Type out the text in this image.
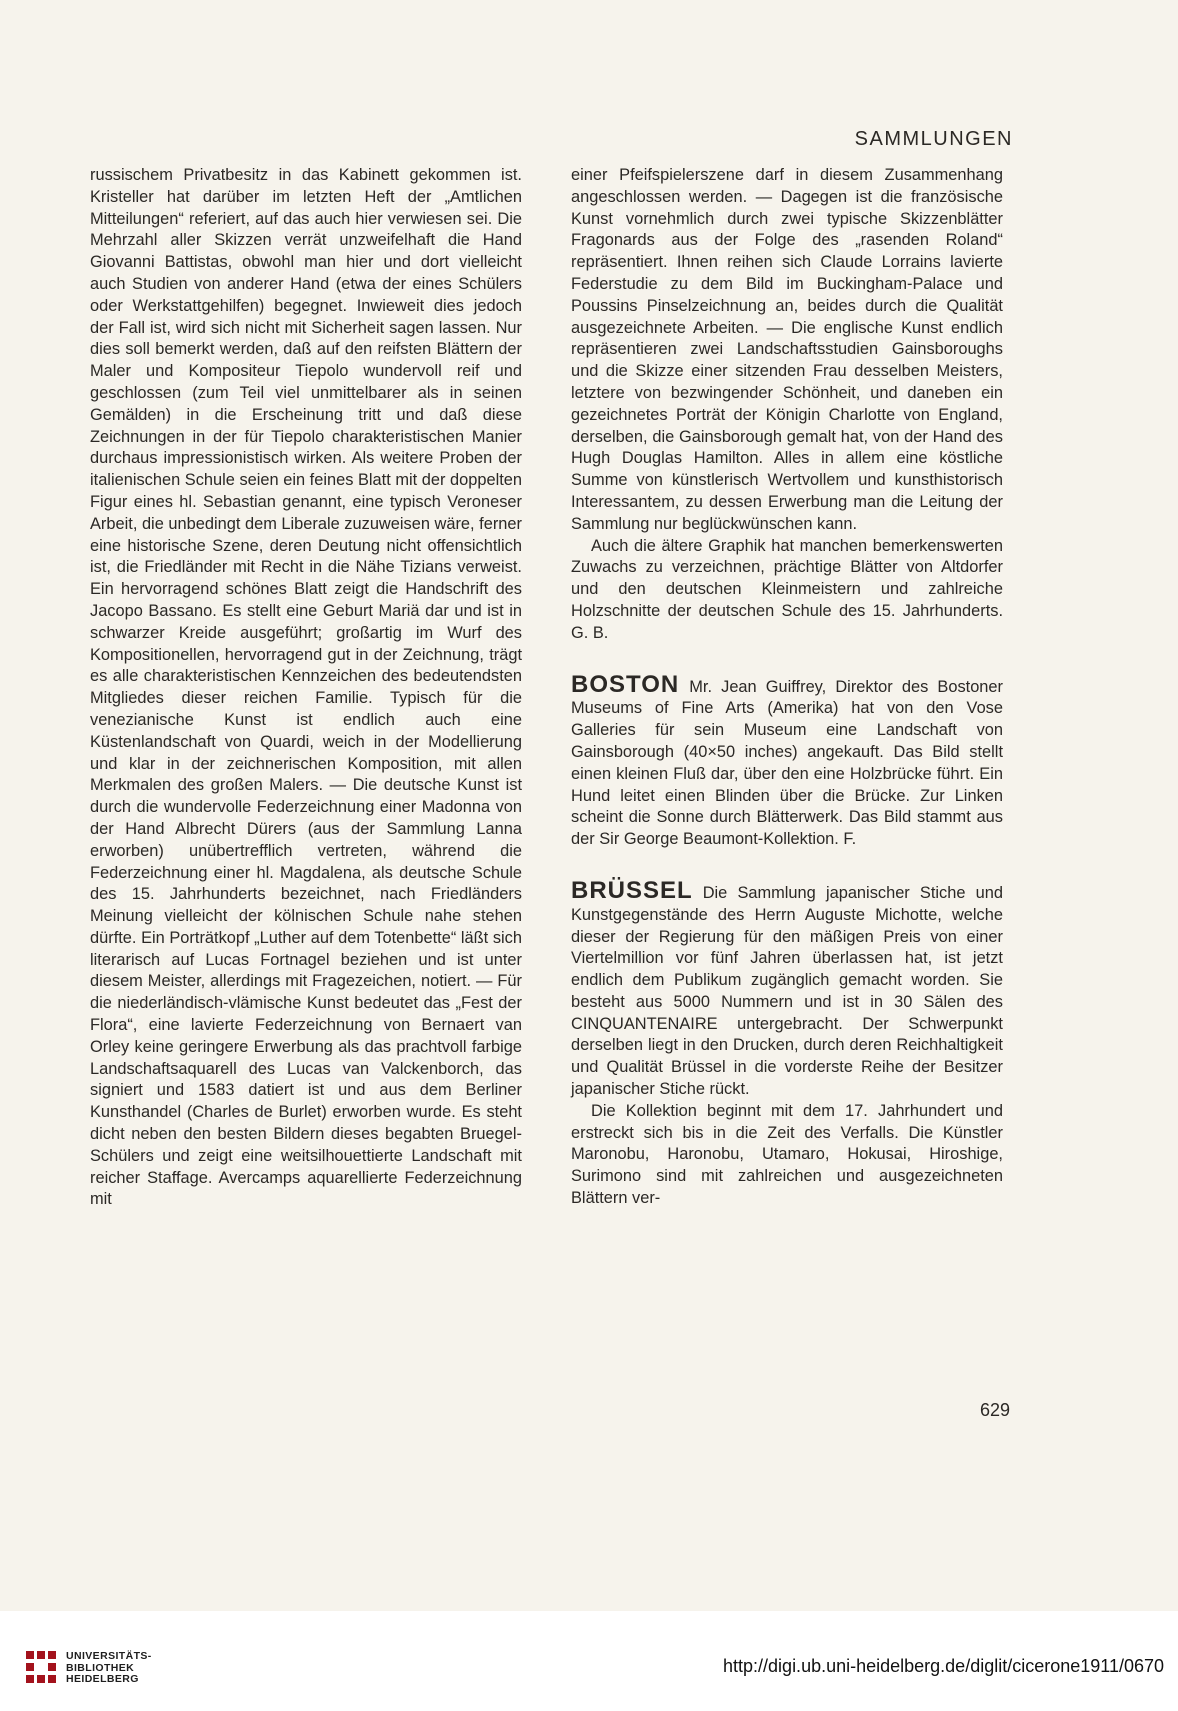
SAMMLUNGEN

russischem Privatbesitz in das Kabinett gekommen ist. Kristeller hat darüber im letzten Heft der „Amtlichen Mitteilungen“ referiert, auf das auch hier verwiesen sei. Die Mehrzahl aller Skizzen verrät unzweifelhaft die Hand Giovanni Battistas, obwohl man hier und dort vielleicht auch Studien von anderer Hand (etwa der eines Schülers oder Werkstattgehilfen) begegnet. Inwieweit dies jedoch der Fall ist, wird sich nicht mit Sicherheit sagen lassen. Nur dies soll bemerkt werden, daß auf den reifsten Blättern der Maler und Kompositeur Tiepolo wundervoll reif und geschlossen (zum Teil viel unmittelbarer als in seinen Gemälden) in die Erscheinung tritt und daß diese Zeichnungen in der für Tiepolo charakteristischen Manier durchaus impressionistisch wirken. Als weitere Proben der italienischen Schule seien ein feines Blatt mit der doppelten Figur eines hl. Sebastian genannt, eine typisch Veroneser Arbeit, die unbedingt dem Liberale zuzuweisen wäre, ferner eine historische Szene, deren Deutung nicht offensichtlich ist, die Friedländer mit Recht in die Nähe Tizians verweist. Ein hervorragend schönes Blatt zeigt die Handschrift des Jacopo Bassano. Es stellt eine Geburt Mariä dar und ist in schwarzer Kreide ausgeführt; großartig im Wurf des Kompositionellen, hervorragend gut in der Zeichnung, trägt es alle charakteristischen Kennzeichen des bedeutendsten Mitgliedes dieser reichen Familie. Typisch für die venezianische Kunst ist endlich auch eine Küstenlandschaft von Quardi, weich in der Modellierung und klar in der zeichnerischen Komposition, mit allen Merkmalen des großen Malers. — Die deutsche Kunst ist durch die wundervolle Federzeichnung einer Madonna von der Hand Albrecht Dürers (aus der Sammlung Lanna erworben) unübertrefflich vertreten, während die Federzeichnung einer hl. Magdalena, als deutsche Schule des 15. Jahrhunderts bezeichnet, nach Friedländers Meinung vielleicht der kölnischen Schule nahe stehen dürfte. Ein Porträtkopf „Luther auf dem Totenbette“ läßt sich literarisch auf Lucas Fortnagel beziehen und ist unter diesem Meister, allerdings mit Fragezeichen, notiert. — Für die niederländisch-vlämische Kunst bedeutet das „Fest der Flora“, eine lavierte Federzeichnung von Bernaert van Orley keine geringere Erwerbung als das prachtvoll farbige Landschaftsaquarell des Lucas van Valckenborch, das signiert und 1583 datiert ist und aus dem Berliner Kunsthandel (Charles de Burlet) erworben wurde. Es steht dicht neben den besten Bildern dieses begabten Bruegel-Schülers und zeigt eine weitsilhouettierte Landschaft mit reicher Staffage. Avercamps aquarellierte Federzeichnung mit

einer Pfeifspielerszene darf in diesem Zusammenhang angeschlossen werden. — Dagegen ist die französische Kunst vornehmlich durch zwei typische Skizzenblätter Fragonards aus der Folge des „rasenden Roland“ repräsentiert. Ihnen reihen sich Claude Lorrains lavierte Federstudie zu dem Bild im Buckingham-Palace und Poussins Pinselzeichnung an, beides durch die Qualität ausgezeichnete Arbeiten. — Die englische Kunst endlich repräsentieren zwei Landschaftsstudien Gainsboroughs und die Skizze einer sitzenden Frau desselben Meisters, letztere von bezwingender Schönheit, und daneben ein gezeichnetes Porträt der Königin Charlotte von England, derselben, die Gainsborough gemalt hat, von der Hand des Hugh Douglas Hamilton. Alles in allem eine köstliche Summe von künstlerisch Wertvollem und kunsthistorisch Interessantem, zu dessen Erwerbung man die Leitung der Sammlung nur beglückwünschen kann.

Auch die ältere Graphik hat manchen bemerkenswerten Zuwachs zu verzeichnen, prächtige Blätter von Altdorfer und den deutschen Kleinmeistern und zahlreiche Holzschnitte der deutschen Schule des 15. Jahrhunderts. G. B.

BOSTON Mr. Jean Guiffrey, Direktor des Bostoner Museums of Fine Arts (Amerika) hat von den Vose Galleries für sein Museum eine Landschaft von Gainsborough (40×50 inches) angekauft. Das Bild stellt einen kleinen Fluß dar, über den eine Holzbrücke führt. Ein Hund leitet einen Blinden über die Brücke. Zur Linken scheint die Sonne durch Blätterwerk. Das Bild stammt aus der Sir George Beaumont-Kollektion. F.

BRÜSSEL Die Sammlung japanischer Stiche und Kunstgegenstände des Herrn Auguste Michotte, welche dieser der Regierung für den mäßigen Preis von einer Viertelmillion vor fünf Jahren überlassen hat, ist jetzt endlich dem Publikum zugänglich gemacht worden. Sie besteht aus 5000 Nummern und ist in 30 Sälen des CINQUANTENAIRE untergebracht. Der Schwerpunkt derselben liegt in den Drucken, durch deren Reichhaltigkeit und Qualität Brüssel in die vorderste Reihe der Besitzer japanischer Stiche rückt.

Die Kollektion beginnt mit dem 17. Jahrhundert und erstreckt sich bis in die Zeit des Verfalls. Die Künstler Maronobu, Haronobu, Utamaro, Hokusai, Hiroshige, Surimono sind mit zahlreichen und ausgezeichneten Blättern ver-

629
UNIVERSITÄTS-
BIBLIOTHEK
HEIDELBERG
http://digi.ub.uni-heidelberg.de/diglit/cicerone1911/0670
